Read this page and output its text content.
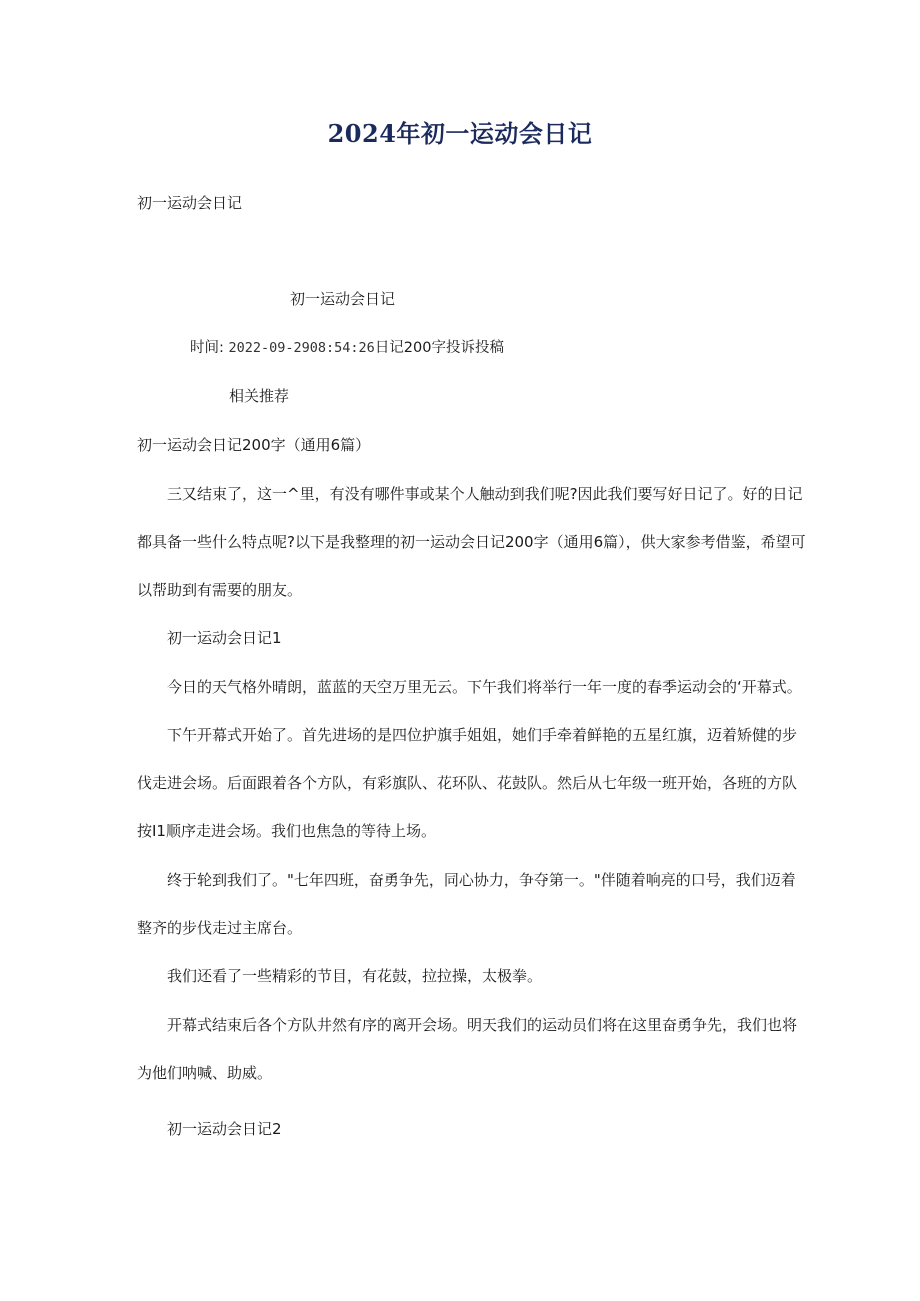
2024年初一运动会日记
初一运动会日记
初一运动会日记
时间: 2022-09-2908:54:26日记200字投诉投稿
相关推荐
初一运动会日记200字（通用6篇）
三又结束了，这一^里，有没有哪件事或某个人触动到我们呢?因此我们要写好日记了。好的日记
都具备一些什么特点呢?以下是我整理的初一运动会日记200字（通用6篇），供大家参考借鉴，希望可
以帮助到有需要的朋友。
初一运动会日记1
今日的天气格外晴朗，蓝蓝的天空万里无云。下午我们将举行一年一度的春季运动会的‘开幕式。
下午开幕式开始了。首先进场的是四位护旗手姐姐，她们手牵着鲜艳的五星红旗，迈着矫健的步
伐走进会场。后面跟着各个方队，有彩旗队、花环队、花鼓队。然后从七年级一班开始，各班的方队
按I1顺序走进会场。我们也焦急的等待上场。
终于轮到我们了。"七年四班，奋勇争先，同心协力，争夺第一。"伴随着响亮的口号，我们迈着
整齐的步伐走过主席台。
我们还看了一些精彩的节目，有花鼓，拉拉操，太极拳。
开幕式结束后各个方队井然有序的离开会场。明天我们的运动员们将在这里奋勇争先，我们也将
为他们呐喊、助威。
初一运动会日记2
